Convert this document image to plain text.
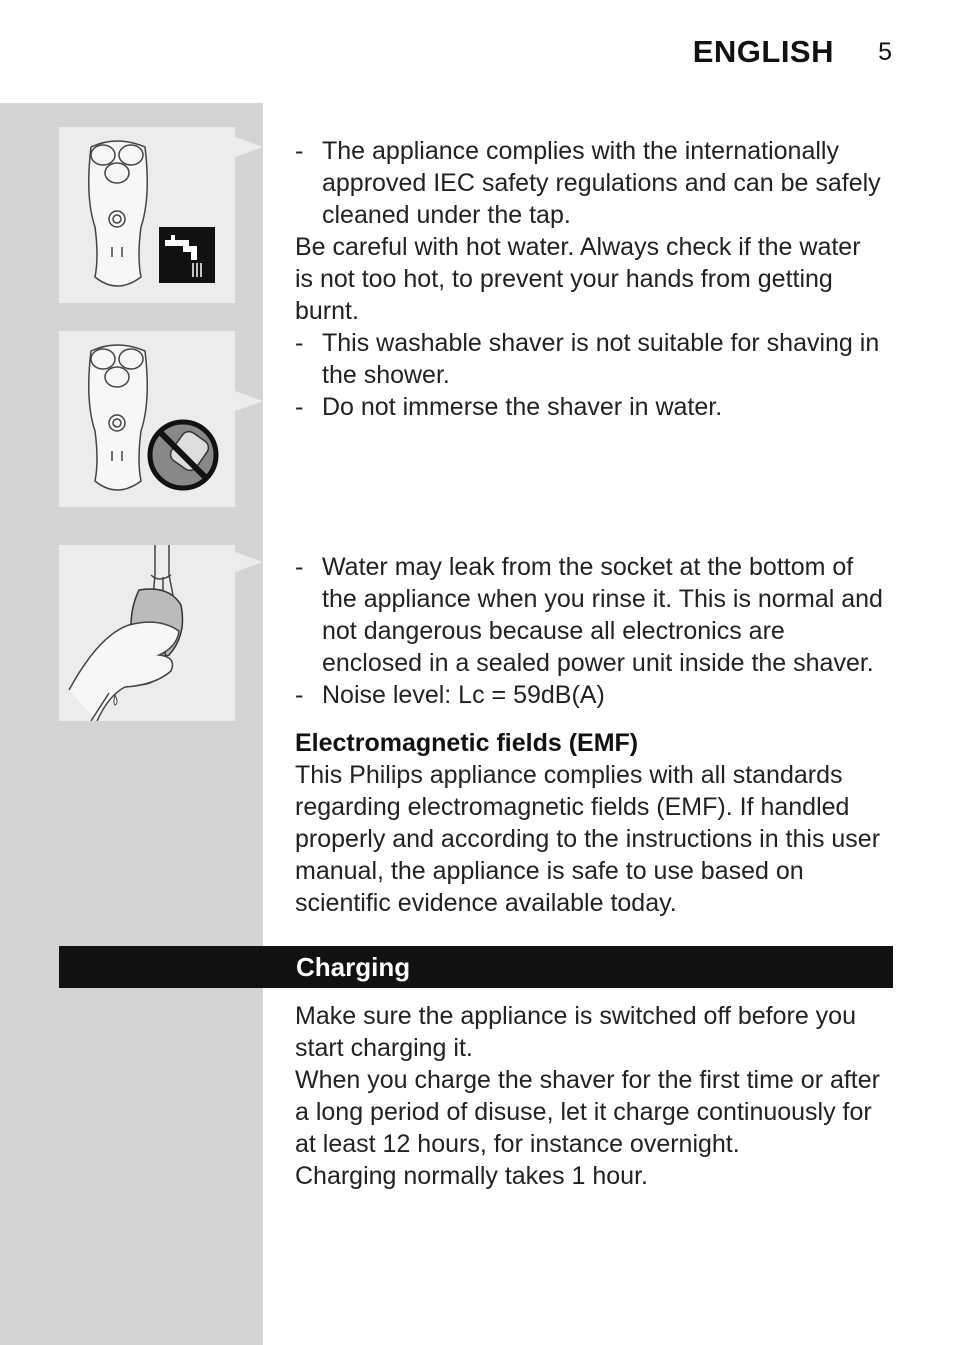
ENGLISH 5

- The appliance complies with the internationally approved IEC safety regulations and can be safely cleaned under the tap.

Be careful with hot water. Always check if the water is not too hot, to prevent your hands from getting burnt.

- This washable shaver is not suitable for shaving in the shower.

- Do not immerse the shaver in water.

- Water may leak from the socket at the bottom of the appliance when you rinse it. This is normal and not dangerous because all electronics are enclosed in a sealed power unit inside the shaver.

- Noise level: Lc = 59dB(A)

Electromagnetic fields (EMF)

This Philips appliance complies with all standards regarding electromagnetic fields (EMF). If handled properly and according to the instructions in this user manual, the appliance is safe to use based on scientific evidence available today.

Charging

Make sure the appliance is switched off before you start charging it.

When you charge the shaver for the first time or after a long period of disuse, let it charge continuously for at least 12 hours, for instance overnight.

Charging normally takes 1 hour.
